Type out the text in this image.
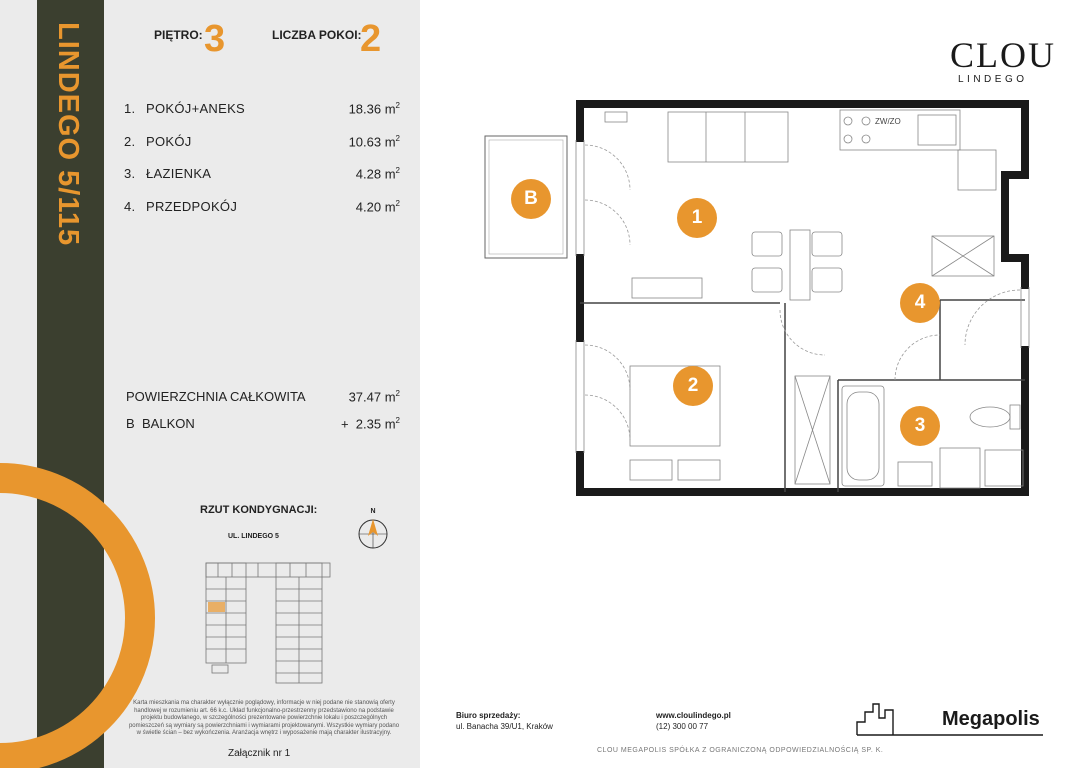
LINDEGO 5/115	PIĘTRO: 3	LICZBA POKOI:
2
1. POKÓJ+ANEKS	18.36 $m^2$
2. POKÓJ	10.63 $m^2$
3. ŁAZIENKA	4.28 $m^2$
4. PRZEDPOKÓJ	4.20 $m^2$
POWIERZCHNIA CAŁKOWITA	37.47 $m^2$
B BALKON	+  2.35 $m^2$
RZUT KONDYGNACJI:
UL. LINDEGO 5
N
Karta mieszkania ma charakter wyłącznie poglądowy, informacje w niej podane nie stanowią oferty handlowej w rozumieniu art. 66 k.c. Układ funkcjonalno-przestrzenny przedstawiono na podstawie projektu budowlanego, w szczególności prezentowane powierzchnie lokalu i poszczególnych pomieszczeń są wymiary są powierzchniami i wymiarami projektowanymi. Wszystkie wymiary podano w świetle ścian – bez wykończenia. Aranżacja wnętrz i wyposażenie mają charakter ilustracyjny.
Załącznik nr 1
CLOU
LINDEGO
ZW/ZO
B
1
2
3
4
Biuro sprzedaży:
ul. Banacha 39/U1, Kraków
www.cloulindego.pl
(12) 300 00 77
CLOU MEGAPOLIS SPÓŁKA Z OGRANICZONĄ ODPOWIEDZIALNOŚCIĄ SP. K.
Megapolis
